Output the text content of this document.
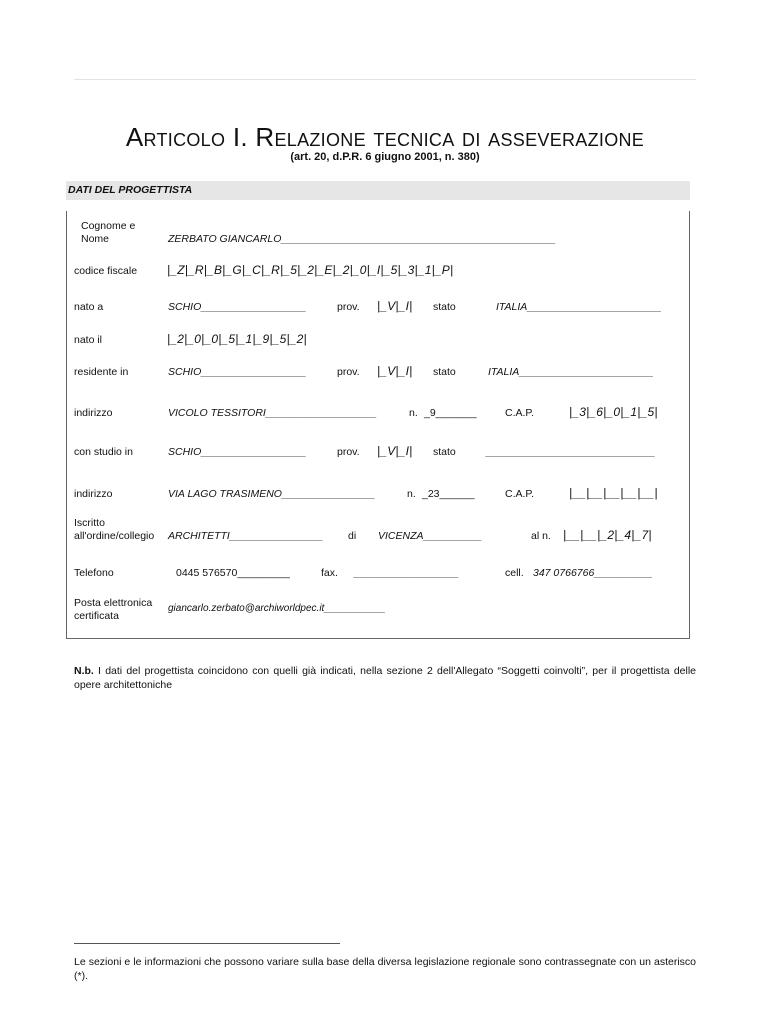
Articolo I. Relazione tecnica di asseverazione
(art. 20, d.P.R. 6 giugno 2001, n. 380)
DATI DEL PROGETTISTA
Cognome e
Nome	ZERBATO GIANCARLO_______________________________________________
codice fiscale |_Z|_R|_B|_G|_C|_R|_5|_2|_E|_2|_0|_I|_5|_3|_1|_P|
nato a	SCHIO__________________	prov. |_V|_I| stato	ITALIA_______________________
nato il	|_2|_0|_0|_5|_1|_9|_5|_2|
residente in	SCHIO__________________	prov. |_V|_I| stato	ITALIA_______________________
indirizzo	VICOLO TESSITORI___________________	n. _9_______	C.A.P.	|_3|_6|_0|_1|_5|
con studio in	SCHIO__________________	prov. |_V|_I| stato	_____________________________
indirizzo	VIA LAGO TRASIMENO________________	n. _23______	C.A.P.	|__|__|__|__|__|
Iscritto
all'ordine/collegio ARCHITETTI________________ di VICENZA__________	al n. |__|__|_2|_4|_7|
Telefono	0445 576570_________	fax. __________________	cell. 347 0766766__________
Posta elettronica
certificata
giancarlo.zerbato@archiworldpec.it___________
N.b. I dati del progettista coincidono con quelli già indicati, nella sezione 2 dell'Allegato “Soggetti coinvolti”, per il progettista delle opere architettoniche
Le sezioni e le informazioni che possono variare sulla base della diversa legislazione regionale sono contrassegnate con un asterisco (*).
